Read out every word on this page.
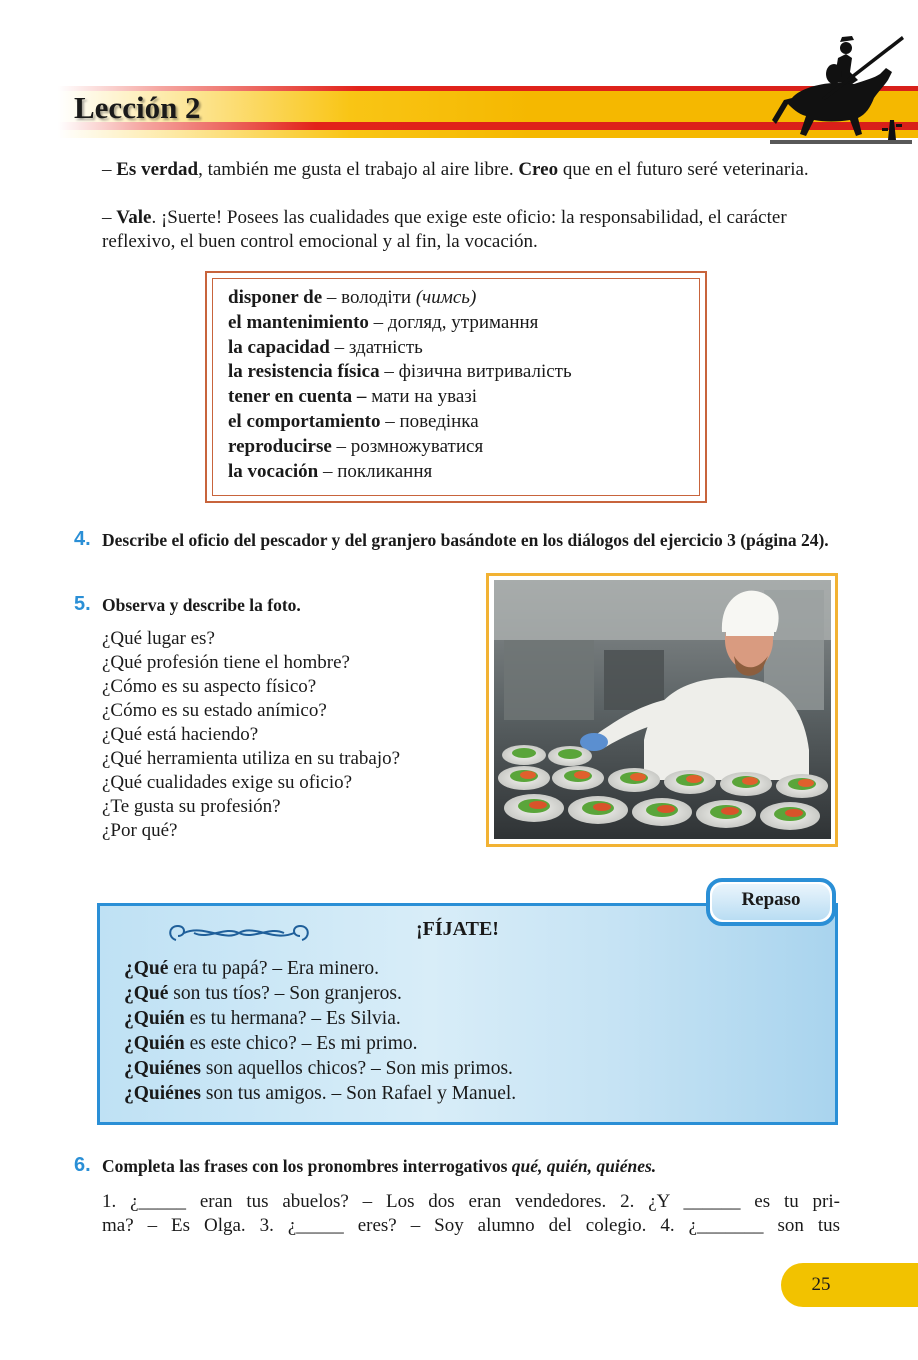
Lección 2

– Es verdad, también me gusta el trabajo al aire libre. Creo que en el futuro seré veterinaria.

– Vale. ¡Suerte! Posees las cualidades que exige este oficio: la responsabilidad, el carácter reflexivo, el buen control emocional y al fin, la vocación.

disponer de – володіти (чимсь)
el mantenimiento – догляд, утримання
la capacidad – здатність
la resistencia física – фізична витривалість
tener en cuenta – мати на увазі
el comportamiento – поведінка
reproducirse – розмножуватися
la vocación – покликання
4. Describe el oficio del pescador y del granjero basándote en los diálogos del ejercicio 3 (página 24).

5. Observa y describe la foto.

¿Qué lugar es?
¿Qué profesión tiene el hombre?
¿Cómo es su aspecto físico?
¿Cómo es su estado anímico?
¿Qué está haciendo?
¿Qué herramienta utiliza en su trabajo?
¿Qué cualidades exige su oficio?
¿Te gusta su profesión?
¿Por qué?

¡FÍJATE!

¿Qué era tu papá? – Era minero.
¿Qué son tus tíos? – Son granjeros.
¿Quién es tu hermana? – Es Silvia.
¿Quién es este chico? – Es mi primo.
¿Quiénes son aquellos chicos? – Son mis primos.
¿Quiénes son tus amigos. – Son Rafael y Manuel.
Repaso
6. Completa las frases con los pronombres interrogativos qué, quién, quiénes.

1. ¿_____ eran tus abuelos? – Los dos eran vendedores. 2. ¿Y ______ es tu pri-

ma? – Es Olga. 3. ¿_____ eres? – Soy alumno del colegio. 4. ¿_______ son tus

25
